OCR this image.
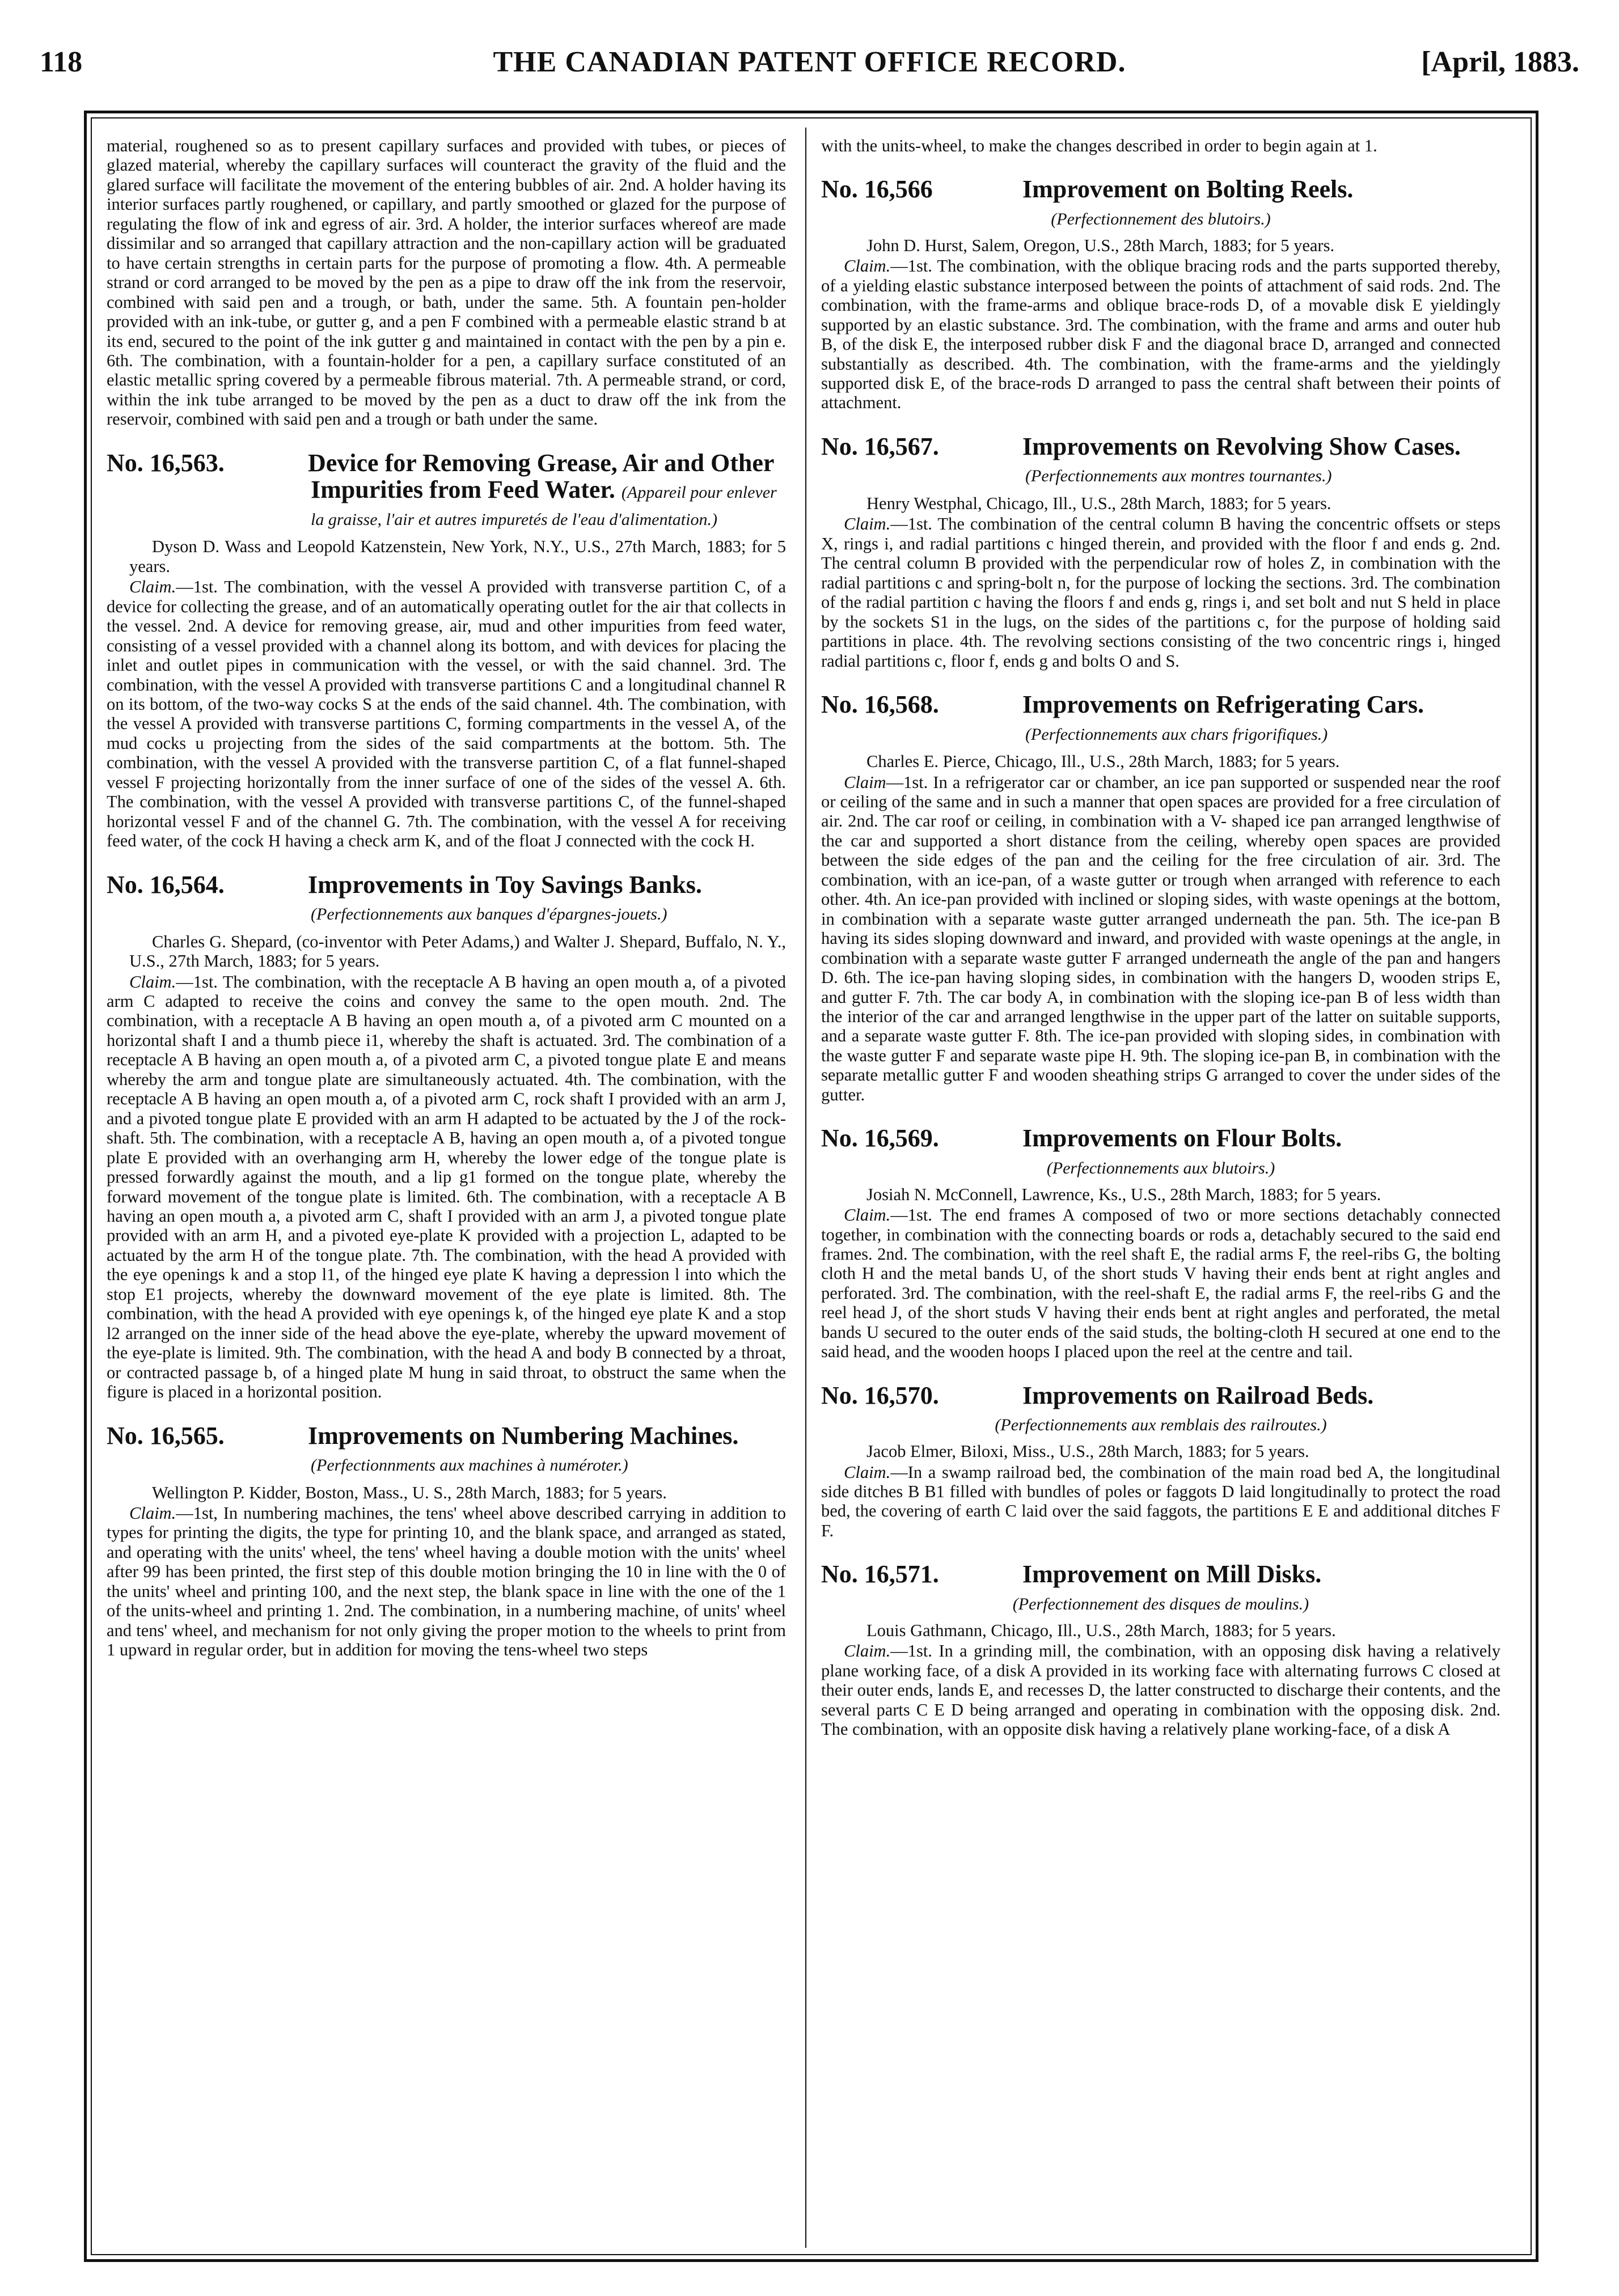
118	THE CANADIAN PATENT OFFICE RECORD.	[April, 1883.

material, roughened so as to present capillary surfaces and provided with tubes, or pieces of glazed material, whereby the capillary surfaces will counteract the gravity of the fluid and the glared surface will facilitate the movement of the entering bubbles of air. 2nd. A holder having its interior surfaces partly roughened, or capillary, and partly smoothed or glazed for the purpose of regulating the flow of ink and egress of air. 3rd. A holder, the interior surfaces whereof are made dissimilar and so arranged that capillary attraction and the non-capillary action will be graduated to have certain strengths in certain parts for the purpose of promoting a flow. 4th. A permeable strand or cord arranged to be moved by the pen as a pipe to draw off the ink from the reservoir, combined with said pen and a trough, or bath, under the same. 5th. A fountain pen-holder provided with an ink-tube, or gutter g, and a pen F combined with a permeable elastic strand b at its end, secured to the point of the ink gutter g and maintained in contact with the pen by a pin e. 6th. The combination, with a fountain-holder for a pen, a capillary surface constituted of an elastic metallic spring covered by a permeable fibrous material. 7th. A permeable strand, or cord, within the ink tube arranged to be moved by the pen as a duct to draw off the ink from the reservoir, combined with said pen and a trough or bath under the same.

No. 16,563.	Device for Removing Grease, Air and Other Impurities from Feed Water. (Appareil pour enlever la graisse, l'air et autres impuretés de l'eau d'alimentation.)

Dyson D. Wass and Leopold Katzenstein, New York, N.Y., U.S., 27th March, 1883; for 5 years.

Claim.—1st. The combination, with the vessel A provided with transverse partition C, of a device for collecting the grease, and of an automatically operating outlet for the air that collects in the vessel. 2nd. A device for removing grease, air, mud and other impurities from feed water, consisting of a vessel provided with a channel along its bottom, and with devices for placing the inlet and outlet pipes in communication with the vessel, or with the said channel. 3rd. The combination, with the vessel A provided with transverse partitions C and a longitudinal channel R on its bottom, of the two-way cocks S at the ends of the said channel. 4th. The combination, with the vessel A provided with transverse partitions C, forming compartments in the vessel A, of the mud cocks u projecting from the sides of the said compartments at the bottom. 5th. The combination, with the vessel A provided with the transverse partition C, of a flat funnel-shaped vessel F projecting horizontally from the inner surface of one of the sides of the vessel A. 6th. The combination, with the vessel A provided with transverse partitions C, of the funnel-shaped horizontal vessel F and of the channel G. 7th. The combination, with the vessel A for receiving feed water, of the cock H having a check arm K, and of the float J connected with the cock H.

No. 16,564.	Improvements in Toy Savings Banks. (Perfectionnements aux banques d'épargnes-jouets.)

Charles G. Shepard, (co-inventor with Peter Adams,) and Walter J. Shepard, Buffalo, N. Y., U.S., 27th March, 1883; for 5 years.

Claim.—1st. The combination, with the receptacle A B having an open mouth a, of a pivoted arm C adapted to receive the coins and convey the same to the open mouth. 2nd. The combination, with a receptacle A B having an open mouth a, of a pivoted arm C mounted on a horizontal shaft I and a thumb piece i1, whereby the shaft is actuated. 3rd. The combination of a receptacle A B having an open mouth a, of a pivoted arm C, a pivoted tongue plate E and means whereby the arm and tongue plate are simultaneously actuated. 4th. The combination, with the receptacle A B having an open mouth a, of a pivoted arm C, rock shaft I provided with an arm J, and a pivoted tongue plate E provided with an arm H adapted to be actuated by the J of the rock-shaft. 5th. The combination, with a receptacle A B, having an open mouth a, of a pivoted tongue plate E provided with an overhanging arm H, whereby the lower edge of the tongue plate is pressed forwardly against the mouth, and a lip g1 formed on the tongue plate, whereby the forward movement of the tongue plate is limited. 6th. The combination, with a receptacle A B having an open mouth a, a pivoted arm C, shaft I provided with an arm J, a pivoted tongue plate provided with an arm H, and a pivoted eye-plate K provided with a projection L, adapted to be actuated by the arm H of the tongue plate. 7th. The combination, with the head A provided with the eye openings k and a stop l1, of the hinged eye plate K having a depression l into which the stop E1 projects, whereby the downward movement of the eye plate is limited. 8th. The combination, with the head A provided with eye openings k, of the hinged eye plate K and a stop l2 arranged on the inner side of the head above the eye-plate, whereby the upward movement of the eye-plate is limited. 9th. The combination, with the head A and body B connected by a throat, or contracted passage b, of a hinged plate M hung in said throat, to obstruct the same when the figure is placed in a horizontal position.

No. 16,565.	Improvements on Numbering Machines. (Perfectionnments aux machines à numéroter.)

Wellington P. Kidder, Boston, Mass., U. S., 28th March, 1883; for 5 years.

Claim.—1st, In numbering machines, the tens' wheel above described carrying in addition to types for printing the digits, the type for printing 10, and the blank space, and arranged as stated, and operating with the units' wheel, the tens' wheel having a double motion with the units' wheel after 99 has been printed, the first step of this double motion bringing the 10 in line with the 0 of the units' wheel and printing 100, and the next step, the blank space in line with the one of the 1 of the units-wheel and printing 1. 2nd. The combination, in a numbering machine, of units' wheel and tens' wheel, and mechanism for not only giving the proper motion to the wheels to print from 1 upward in regular order, but in addition for moving the tens-wheel two steps

with the units-wheel, to make the changes described in order to begin again at 1.

No. 16,566	Improvement on Bolting Reels.
(Perfectionnement des blutoirs.)

John D. Hurst, Salem, Oregon, U.S., 28th March, 1883; for 5 years.

Claim.—1st. The combination, with the oblique bracing rods and the parts supported thereby, of a yielding elastic substance interposed between the points of attachment of said rods. 2nd. The combination, with the frame-arms and oblique brace-rods D, of a movable disk E yieldingly supported by an elastic substance. 3rd. The combination, with the frame and arms and outer hub B, of the disk E, the interposed rubber disk F and the diagonal brace D, arranged and connected substantially as described. 4th. The combination, with the frame-arms and the yieldingly supported disk E, of the brace-rods D arranged to pass the central shaft between their points of attachment.

No. 16,567.	Improvements on Revolving Show Cases. (Perfectionnements aux montres tournantes.)

Henry Westphal, Chicago, Ill., U.S., 28th March, 1883; for 5 years.

Claim.—1st. The combination of the central column B having the concentric offsets or steps X, rings i, and radial partitions c hinged therein, and provided with the floor f and ends g. 2nd. The central column B provided with the perpendicular row of holes Z, in combination with the radial partitions c and spring-bolt n, for the purpose of locking the sections. 3rd. The combination of the radial partition c having the floors f and ends g, rings i, and set bolt and nut S held in place by the sockets S1 in the lugs, on the sides of the partitions c, for the purpose of holding said partitions in place. 4th. The revolving sections consisting of the two concentric rings i, hinged radial partitions c, floor f, ends g and bolts O and S.

No. 16,568.	Improvements on Refrigerating Cars. (Perfectionnements aux chars frigorifiques.)

Charles E. Pierce, Chicago, Ill., U.S., 28th March, 1883; for 5 years.

Claim—1st. In a refrigerator car or chamber, an ice pan supported or suspended near the roof or ceiling of the same and in such a manner that open spaces are provided for a free circulation of air. 2nd. The car roof or ceiling, in combination with a V- shaped ice pan arranged lengthwise of the car and supported a short distance from the ceiling, whereby open spaces are provided between the side edges of the pan and the ceiling for the free circulation of air. 3rd. The combination, with an ice-pan, of a waste gutter or trough when arranged with reference to each other. 4th. An ice-pan provided with inclined or sloping sides, with waste openings at the bottom, in combination with a separate waste gutter arranged underneath the pan. 5th. The ice-pan B having its sides sloping downward and inward, and provided with waste openings at the angle, in combination with a separate waste gutter F arranged underneath the angle of the pan and hangers D. 6th. The ice-pan having sloping sides, in combination with the hangers D, wooden strips E, and gutter F. 7th. The car body A, in combination with the sloping ice-pan B of less width than the interior of the car and arranged lengthwise in the upper part of the latter on suitable supports, and a separate waste gutter F. 8th. The ice-pan provided with sloping sides, in combination with the waste gutter F and separate waste pipe H. 9th. The sloping ice-pan B, in combination with the separate metallic gutter F and wooden sheathing strips G arranged to cover the under sides of the gutter.

No. 16,569.	Improvements on Flour Bolts.
(Perfectionnements aux blutoirs.)

Josiah N. McConnell, Lawrence, Ks., U.S., 28th March, 1883; for 5 years.

Claim.—1st. The end frames A composed of two or more sections detachably connected together, in combination with the connecting boards or rods a, detachably secured to the said end frames. 2nd. The combination, with the reel shaft E, the radial arms F, the reel-ribs G, the bolting cloth H and the metal bands U, of the short studs V having their ends bent at right angles and perforated. 3rd. The combination, with the reel-shaft E, the radial arms F, the reel-ribs G and the reel head J, of the short studs V having their ends bent at right angles and perforated, the metal bands U secured to the outer ends of the said studs, the bolting-cloth H secured at one end to the said head, and the wooden hoops I placed upon the reel at the centre and tail.

No. 16,570.	Improvements on Railroad Beds.
(Perfectionnements aux remblais des railroutes.)

Jacob Elmer, Biloxi, Miss., U.S., 28th March, 1883; for 5 years.

Claim.—In a swamp railroad bed, the combination of the main road bed A, the longitudinal side ditches B B1 filled with bundles of poles or faggots D laid longitudinally to protect the road bed, the covering of earth C laid over the said faggots, the partitions E E and additional ditches F F.

No. 16,571.	Improvement on Mill Disks.
(Perfectionnement des disques de moulins.)

Louis Gathmann, Chicago, Ill., U.S., 28th March, 1883; for 5 years.

Claim.—1st. In a grinding mill, the combination, with an opposing disk having a relatively plane working face, of a disk A provided in its working face with alternating furrows C closed at their outer ends, lands E, and recesses D, the latter constructed to discharge their contents, and the several parts C E D being arranged and operating in combination with the opposing disk. 2nd. The combination, with an opposite disk having a relatively plane working-face, of a disk A
